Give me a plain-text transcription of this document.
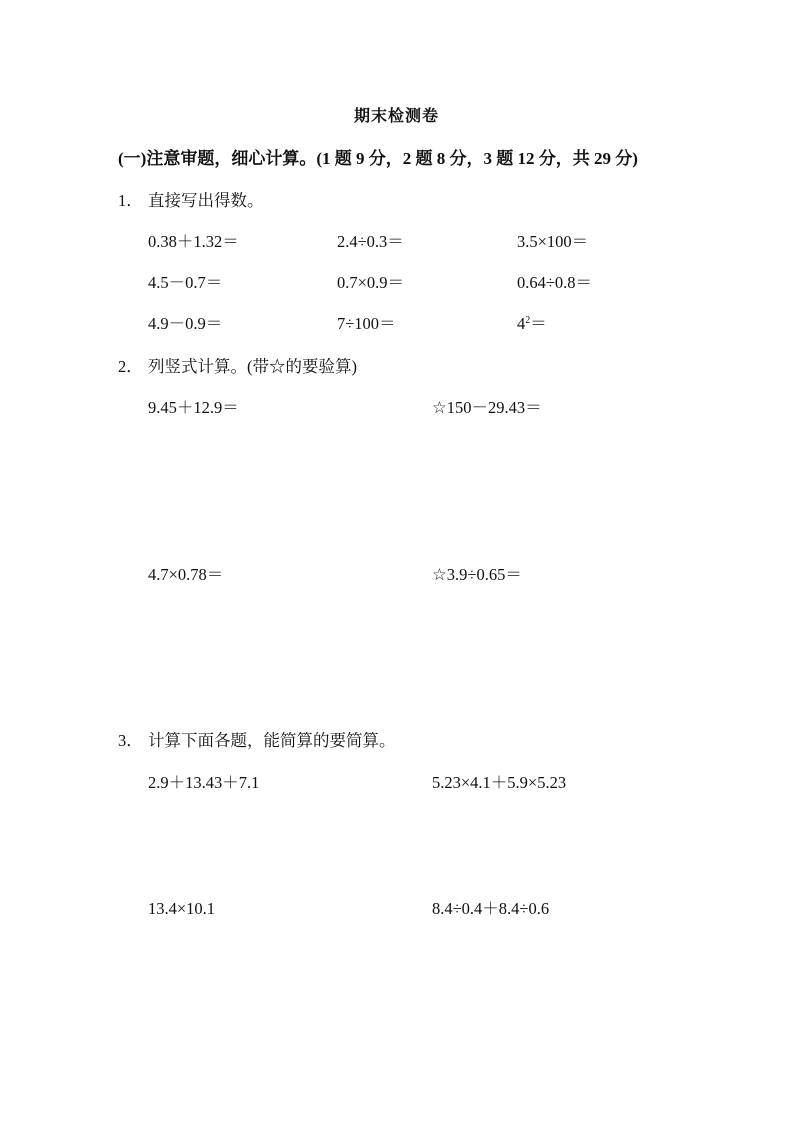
期末检测卷
(一)注意审题，细心计算。(1 题 9 分，2 题 8 分，3 题 12 分，共 29 分)
1． 直接写出得数。
0.38＋1.32＝	2.4÷0.3＝	3.5×100＝
4.5－0.7＝	0.7×0.9＝	0.64÷0.8＝
4.9－0.9＝	7÷100＝	$4^2=$
2． 列竖式计算。(带☆的要验算)
9.45＋12.9＝	☆150－29.43＝
4.7×0.78＝	☆3.9÷0.65＝
3． 计算下面各题，能简算的要简算。
2.9＋13.43＋7.1	5.23×4.1＋5.9×5.23
13.4×10.1	8.4÷0.4＋8.4÷0.6
